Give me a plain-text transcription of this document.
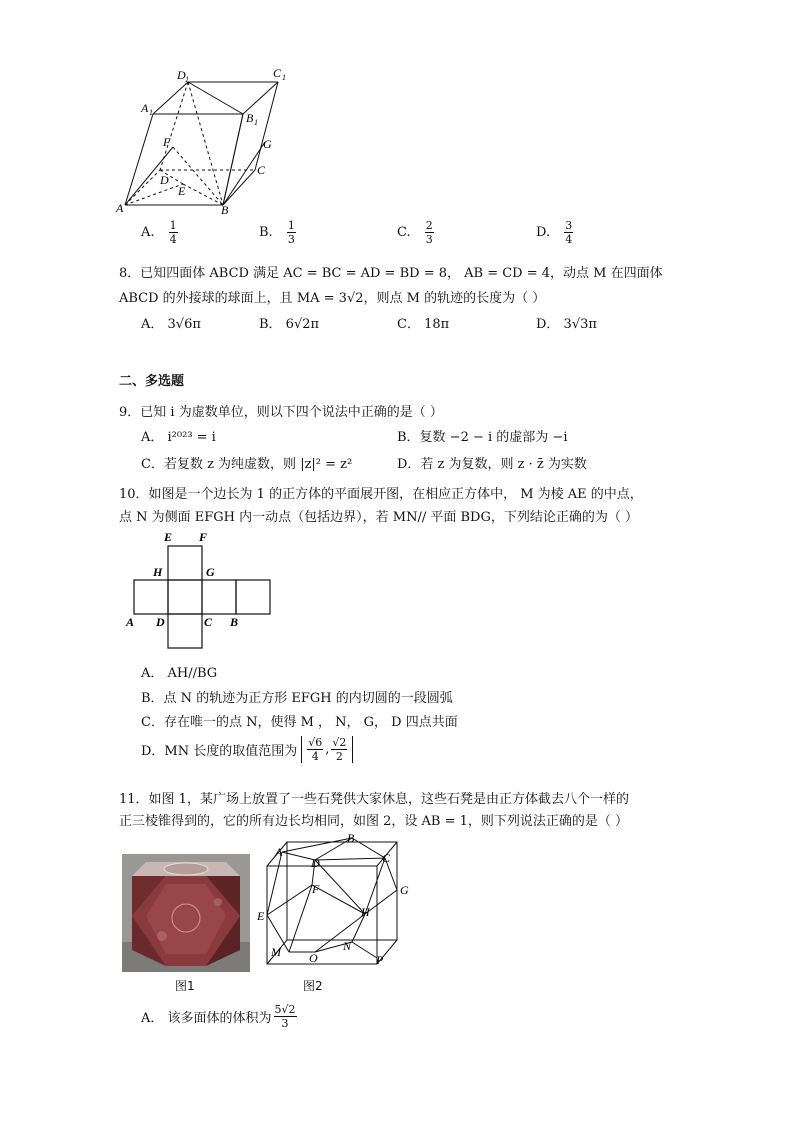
D 1	C 1
A 1	B 1
F	G
D
E
C
A	B
A. $\frac{1}{4}$	B. $\frac{1}{3}$	C. $\frac{2}{3}$	D. $\frac{3}{4}$
8．已知四面体 ABCD 满足 AC = BC = AD = BD = 8， AB = CD = 4，动点 M 在四面体
ABCD 的外接球的球面上，且 MA = 3√2，则点 M 的轨迹的长度为（ ）
A． 3√6π	B． 6√2π	C． 18π	D． 3√3π
二、多选题
9．已知 i 为虚数单位，则以下四个说法中正确的是（ ）
A． i²⁰²³ = i	B．复数 −2 − i 的虚部为 −i
C．若复数 z 为纯虚数，则 |z|² = z²	D．若 z 为复数，则 z · z̄ 为实数
10．如图是一个边长为 1 的正方体的平面展开图，在相应正方体中， M 为棱 AE 的中点，
点 N 为侧面 EFGH 内一动点（包括边界），若 MN// 平面 BDG，下列结论正确的为（ ）
E F
H	G
A D	C B
A． AH//BG
B．点 N 的轨迹为正方形 EFGH 的内切圆的一段圆弧
C．存在唯一的点 N，使得 M ， N， G， D 四点共面
D．MN 长度的取值范围为 $\frac{√6}{4}$ , $\frac{√2}{2}$
11．如图 1，某广场上放置了一些石凳供大家休息，这些石凳是由正方体截去八个一样的
正三棱锥得到的，它的所有边长均相同，如图 2，设 AB = 1，则下列说法正确的是（ ）
A
B
C
D
F	G
E	H
M O
N
P
图1	图2
A． 该多面体的体积为 $\frac{5√2}{3}$
